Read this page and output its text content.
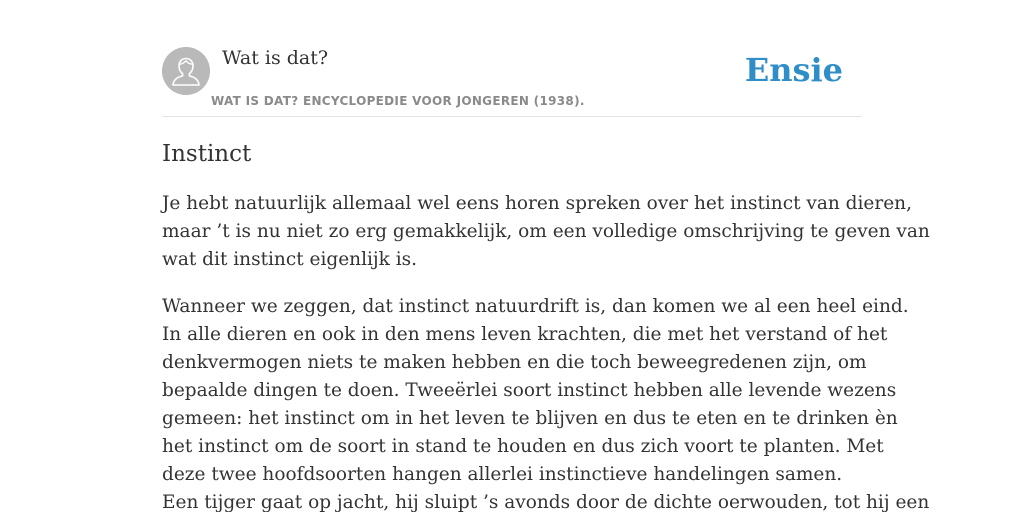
Wat is dat?
WAT IS DAT? ENCYCLOPEDIE VOOR JONGEREN (1938).
Ensie
Instinct

Je hebt natuurlijk allemaal wel eens horen spreken over het instinct van dieren,
maar ’t is nu niet zo erg gemakkelijk, om een volledige omschrijving te geven van
wat dit instinct eigenlijk is.

Wanneer we zeggen, dat instinct natuurdrift is, dan komen we al een heel eind.
In alle dieren en ook in den mens leven krachten, die met het verstand of het
denkvermogen niets te maken hebben en die toch beweegredenen zijn, om
bepaalde dingen te doen. Tweeërlei soort instinct hebben alle levende wezens
gemeen: het instinct om in het leven te blijven en dus te eten en te drinken èn
het instinct om de soort in stand te houden en dus zich voort te planten. Met
deze twee hoofdsoorten hangen allerlei instinctieve handelingen samen.
Een tijger gaat op jacht, hij sluipt ’s avonds door de dichte oerwouden, tot hij een
